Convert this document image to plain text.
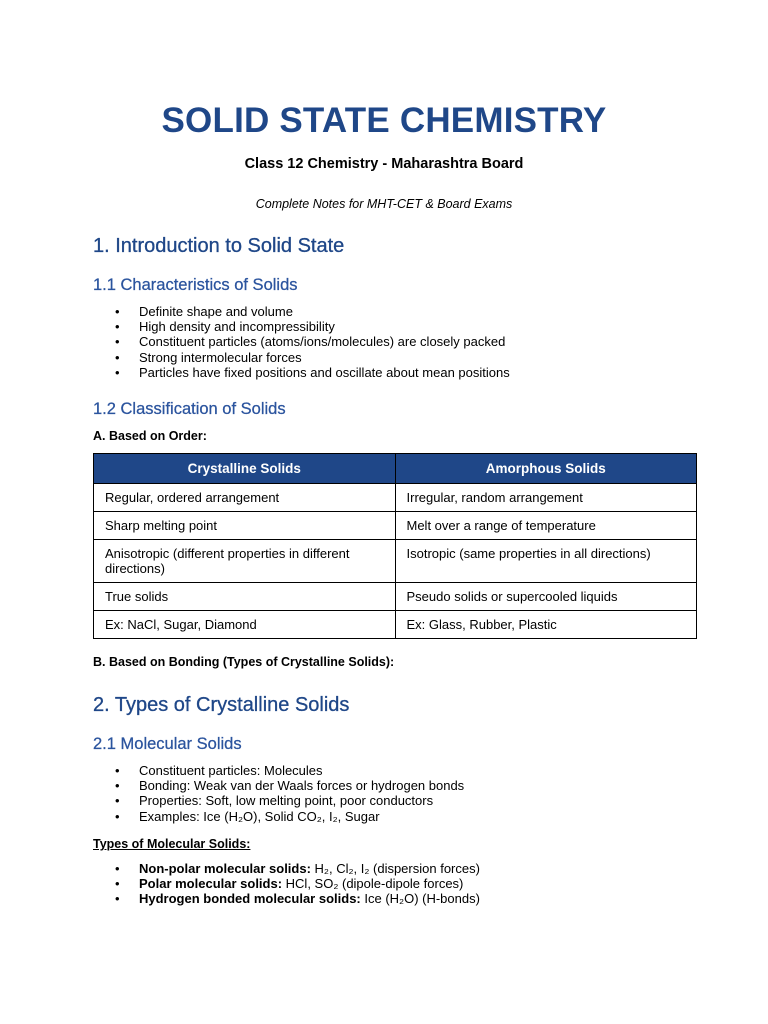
SOLID STATE CHEMISTRY

Class 12 Chemistry - Maharashtra Board

Complete Notes for MHT-CET & Board Exams

1. Introduction to Solid State
1.1 Characteristics of Solids
• Definite shape and volume
• High density and incompressibility
• Constituent particles (atoms/ions/molecules) are closely packed
• Strong intermolecular forces
• Particles have fixed positions and oscillate about mean positions
1.2 Classification of Solids

A. Based on Order:

Crystalline Solids	Amorphous Solids
Regular, ordered arrangement	Irregular, random arrangement
Sharp melting point	Melt over a range of temperature
Anisotropic (different properties in different directions)	Isotropic (same properties in all directions)
True solids	Pseudo solids or supercooled liquids
Ex: NaCl, Sugar, Diamond	Ex: Glass, Rubber, Plastic

B. Based on Bonding (Types of Crystalline Solids):

2. Types of Crystalline Solids
2.1 Molecular Solids
• Constituent particles: Molecules
• Bonding: Weak van der Waals forces or hydrogen bonds
• Properties: Soft, low melting point, poor conductors
• Examples: Ice (H₂O), Solid CO₂, I₂, Sugar

Types of Molecular Solids:

• Non-polar molecular solids: H₂, Cl₂, I₂ (dispersion forces)
• Polar molecular solids: HCl, SO₂ (dipole-dipole forces)
• Hydrogen bonded molecular solids: Ice (H₂O) (H-bonds)
